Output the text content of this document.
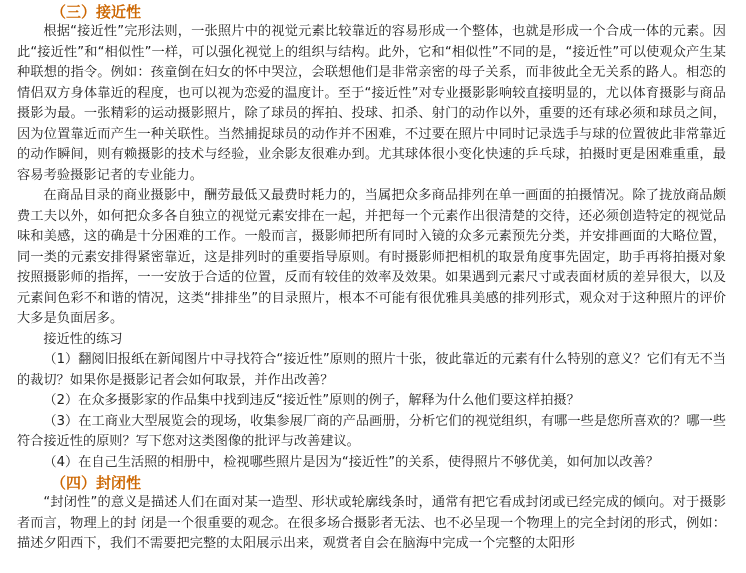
（三）接近性

根据“接近性”完形法则，一张照片中的视觉元素比较靠近的容易形成一个整体，也就是形成一个合成一体的元素。因此“接近性”和“相似性”一样，可以强化视觉上的组织与结构。此外，它和“相似性”不同的是，“接近性”可以使观众产生某种联想的指令。例如：孩童倒在妇女的怀中哭泣，会联想他们是非常亲密的母子关系，而非彼此全无关系的路人。相恋的情侣双方身体靠近的程度，也可以视为恋爱的温度计。至于“接近性”对专业摄影影响较直接明显的，尤以体育摄影与商品摄影为最。一张精彩的运动摄影照片，除了球员的挥拍、投球、扣杀、射门的动作以外，重要的还有球必须和球员之间，因为位置靠近而产生一种关联性。当然捕捉球员的动作并不困难，不过要在照片中同时记录选手与球的位置彼此非常靠近的动作瞬间，则有赖摄影的技术与经验，业余影友很难办到。尤其球体很小变化快速的乒乓球，拍摄时更是困难重重，最容易考验摄影记者的专业能力。

在商品目录的商业摄影中，酬劳最低又最费时耗力的，当属把众多商品排列在单一画面的拍摄情况。除了拢放商品颇费工夫以外，如何把众多各自独立的视觉元素安排在一起，并把每一个元素作出很清楚的交待，还必须创造特定的视觉品味和美感，这的确是十分困难的工作。一般而言，摄影师把所有同时入镜的众多元素预先分类，并安排画面的大略位置，同一类的元素安排得紧密靠近，这是排列时的重要指导原则。有时摄影师把相机的取景角度事先固定，助手再将拍摄对象按照摄影师的指挥，一一安放于合适的位置，反而有较佳的效率及效果。如果遇到元素尺寸或表面材质的差异很大，以及元素间色彩不和谐的情况，这类“排排坐”的目录照片，根本不可能有很优雅具美感的排列形式，观众对于这种照片的评价大多是负面居多。

接近性的练习

（1）翻阅旧报纸在新闻图片中寻找符合“接近性”原则的照片十张，彼此靠近的元素有什么特别的意义？它们有无不当的裁切？如果你是摄影记者会如何取景，并作出改善？

（2）在众多摄影家的作品集中找到违反“接近性”原则的例子，解释为什么他们要这样拍摄？

（3）在工商业大型展览会的现场，收集参展厂商的产品画册，分析它们的视觉组织，有哪一些是您所喜欢的？哪一些符合接近性的原则？写下您对这类图像的批评与改善建议。

（4）在自己生活照的相册中，检视哪些照片是因为“接近性”的关系，使得照片不够优美，如何加以改善？

（四）封闭性

“封闭性”的意义是描述人们在面对某一造型、形状或轮廓线条时，通常有把它看成封闭或已经完成的倾向。对于摄影者而言，物理上的封 闭是一个很重要的观念。在很多场合摄影者无法、也不必呈现一个物理上的完全封闭的形式，例如：描述夕阳西下，我们不需要把完整的太阳展示出来，观赏者自会在脑海中完成一个完整的太阳形
